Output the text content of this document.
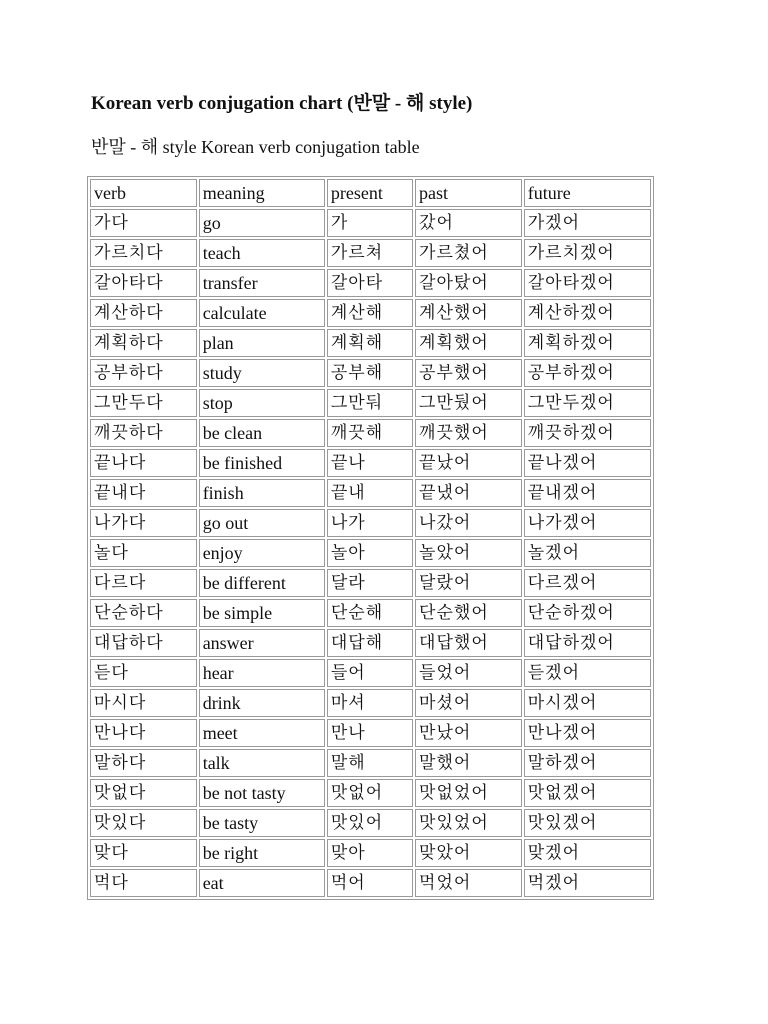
Korean verb conjugation chart (반말 - 해 style)

반말 - 해 style Korean verb conjugation table

verb	meaning	present	past	future
가다	go	가	갔어	가겠어
가르치다	teach	가르쳐	가르쳤어	가르치겠어
갈아타다	transfer	갈아타	갈아탔어	갈아타겠어
계산하다	calculate	계산해	계산했어	계산하겠어
계획하다	plan	계획해	계획했어	계획하겠어
공부하다	study	공부해	공부했어	공부하겠어
그만두다	stop	그만둬	그만뒀어	그만두겠어
깨끗하다	be clean	깨끗해	깨끗했어	깨끗하겠어
끝나다	be finished	끝나	끝났어	끝나겠어
끝내다	finish	끝내	끝냈어	끝내겠어
나가다	go out	나가	나갔어	나가겠어
놀다	enjoy	놀아	놀았어	놀겠어
다르다	be different	달라	달랐어	다르겠어
단순하다	be simple	단순해	단순했어	단순하겠어
대답하다	answer	대답해	대답했어	대답하겠어
듣다	hear	들어	들었어	듣겠어
마시다	drink	마셔	마셨어	마시겠어
만나다	meet	만나	만났어	만나겠어
말하다	talk	말해	말했어	말하겠어
맛없다	be not tasty	맛없어	맛없었어	맛없겠어
맛있다	be tasty	맛있어	맛있었어	맛있겠어
맞다	be right	맞아	맞았어	맞겠어
먹다	eat	먹어	먹었어	먹겠어
